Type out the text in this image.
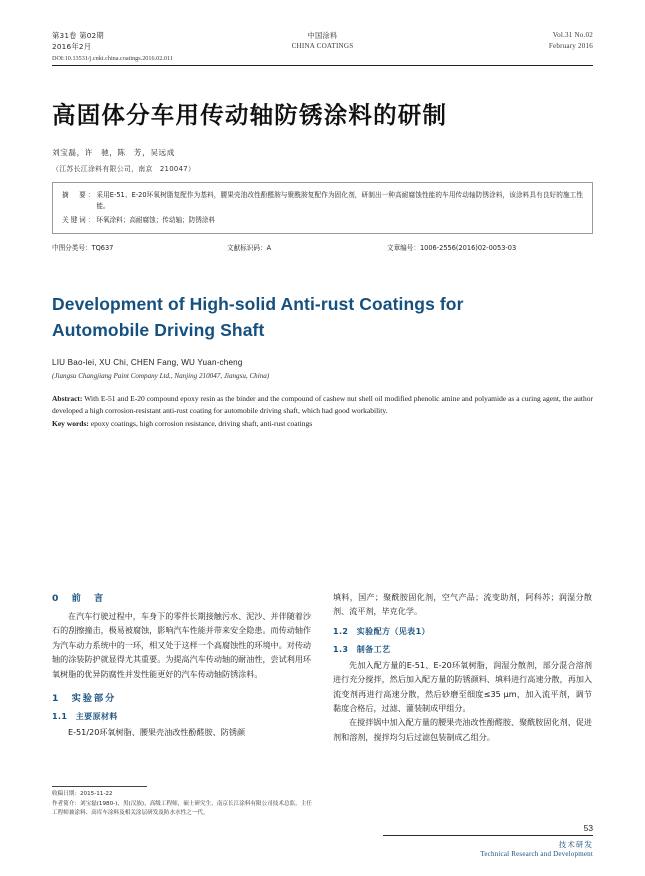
第31卷 第02期
2016年2月
中国涂料
CHINA COATINGS
Vol.31 No.02
February 2016
DOI:10.13531/j.cnki.china.coatings.2016.02.011
高固体分车用传动轴防锈涂料的研制
刘宝磊，许　驰，陈　芳，吴远成
（江苏长江涂料有限公司，南京　210047）
摘　要： 采用E-51、E-20环氧树脂复配作为基料，腰果壳油改性酚醛胺与聚酰胺复配作为固化剂，研制出一种高耐腐蚀性能的车用传动轴防锈涂料，该涂料具有良好的施工性能。
关键词： 环氧涂料；高耐腐蚀；传动轴；防锈涂料
中图分类号：TQ637	文献标识码：A	文章编号：1006-2556(2016)02-0053-03
Development of High-solid Anti-rust Coatings for
Automobile Driving Shaft
LIU Bao-lei, XU Chi, CHEN Fang, WU Yuan-cheng
(Jiangsu Changjiang Paint Company Ltd., Nanjing 210047, Jiangsu, China)
Abstract: With E-51 and E-20 compound epoxy resin as the binder and the compound of cashew nut shell oil modified phenolic amine and polyamide as a curing agent, the author developed a high corrosion-resistant anti-rust coating for automobile driving shaft, which had good workability.
Key words: epoxy coatings, high corrosion resistance, driving shaft, anti-rust coatings
0　前　言

在汽车行驶过程中，车身下的零件长期接触污水、泥沙、并伴随着沙石的刮擦撞击，极易被腐蚀，影响汽车性能并带来安全隐患。而传动轴作为汽车动力系统中的一环，相又处于这样一个高腐蚀性的环境中。对传动轴的涂装防护就显得尤其重要。为提高汽车传动轴的耐油性，尝试利用环氧树脂的优异防腐性并发性能更好的汽车传动轴防锈涂料。

1　实验部分
1.1　主要原材料

E-51/20环氧树脂、腰果壳油改性酚醛胺、防锈颜

填料，国产；聚酰胺固化剂，空气产品；流变助剂，阿科苏；润湿分散剂、流平剂，毕克化学。

1.2　实验配方（见表1）
1.3　制备工艺

先加入配方量的E-51、E-20环氧树脂，润湿分散剂，部分混合溶剂进行充分搅拌，然后加入配方量的防锈颜料、填料进行高速分散，再加入流变剂再进行高速分散，然后砂磨至细度≤35 μm，加入流平剂，调节黏度合格后，过滤、灌装制成甲组分。

在搅拌锅中加入配方量的腰果壳油改性酚醛胺、聚酰胺固化剂、促进剂和溶剂，搅拌均匀后过滤包装制成乙组分。

收稿日期：2015-11-22
作者简介：刘宝磊(1980-)，男(汉族)，高级工程师，硕士研究生，南京长江涂料有限公司技术总监，主任工程师兼涂料、高库车涂料及相关涂层研发及防水水性之一代。
53
技术研发
Technical Research and Development
